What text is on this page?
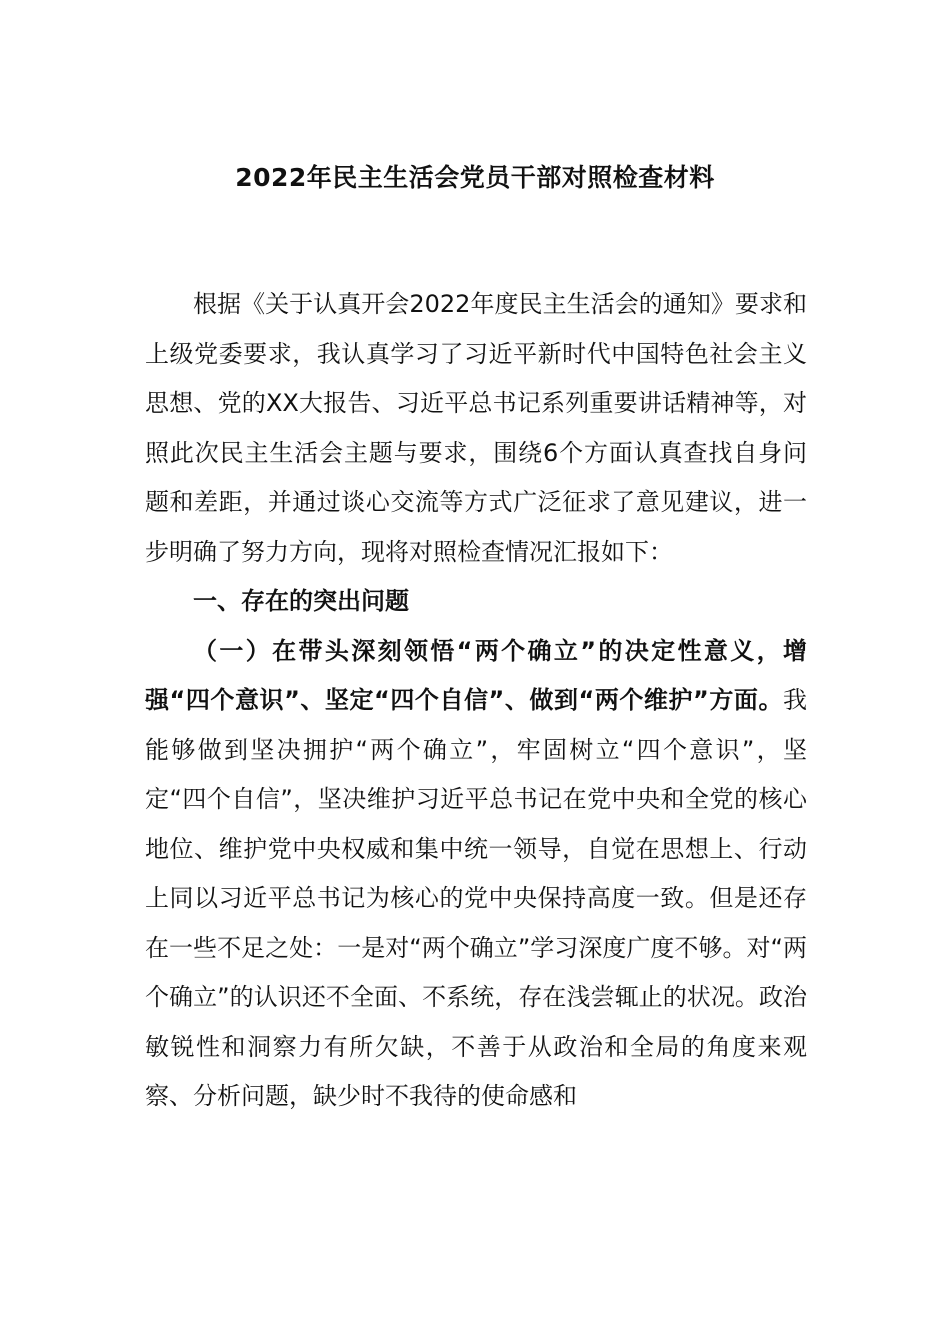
2022年民主生活会党员干部对照检查材料

根据《关于认真开会2022年度民主生活会的通知》要求和上级党委要求，我认真学习了习近平新时代中国特色社会主义思想、党的XX大报告、习近平总书记系列重要讲话精神等，对照此次民主生活会主题与要求，围绕6个方面认真查找自身问题和差距，并通过谈心交流等方式广泛征求了意见建议，进一步明确了努力方向，现将对照检查情况汇报如下：

一、存在的突出问题

（一）在带头深刻领悟“两个确立”的决定性意义，增强“四个意识”、坚定“四个自信”、做到“两个维护”方面。我能够做到坚决拥护“两个确立”，牢固树立“四个意识”，坚定“四个自信”，坚决维护习近平总书记在党中央和全党的核心地位、维护党中央权威和集中统一领导，自觉在思想上、行动上同以习近平总书记为核心的党中央保持高度一致。但是还存在一些不足之处：一是对“两个确立”学习深度广度不够。对“两个确立”的认识还不全面、不系统，存在浅尝辄止的状况。政治敏锐性和洞察力有所欠缺，不善于从政治和全局的角度来观察、分析问题，缺少时不我待的使命感和
